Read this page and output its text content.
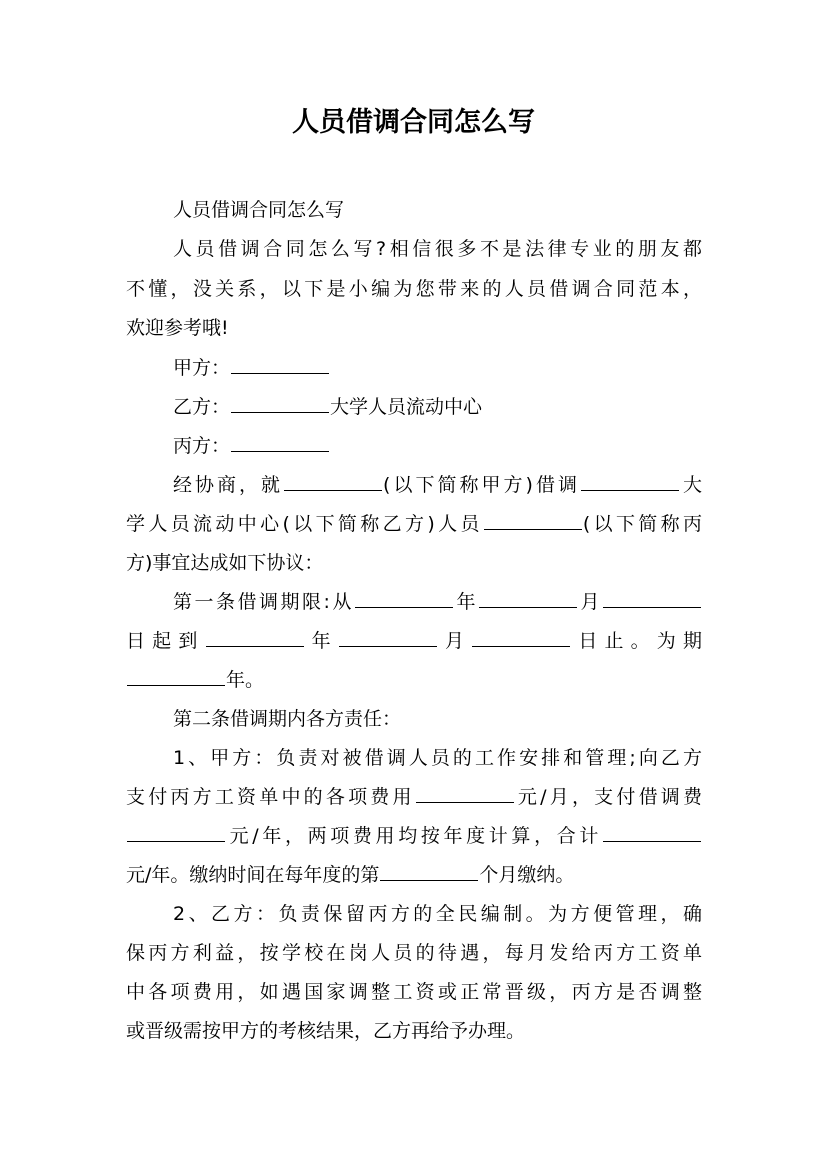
人员借调合同怎么写
人员借调合同怎么写
人员借调合同怎么写?相信很多不是法律专业的朋友都
不懂，没关系，以下是小编为您带来的人员借调合同范本，
欢迎参考哦!
甲方：
乙方：	大学人员流动中心
丙方：
经协商，就	(以下简称甲方)借调	大
学人员流动中心(以下简称乙方)人员	(以下简称丙
方)事宜达成如下协议：
第一条借调期限:从	年	月
日起到	年	月	日止。为期
年。
第二条借调期内各方责任：
1、甲方：负责对被借调人员的工作安排和管理;向乙方
支付丙方工资单中的各项费用	元/月，支付借调费
元/年，两项费用均按年度计算，合计
元/年。缴纳时间在每年度的第	个月缴纳。
2、乙方：负责保留丙方的全民编制。为方便管理，确
保丙方利益，按学校在岗人员的待遇，每月发给丙方工资单
中各项费用，如遇国家调整工资或正常晋级，丙方是否调整
或晋级需按甲方的考核结果，乙方再给予办理。
